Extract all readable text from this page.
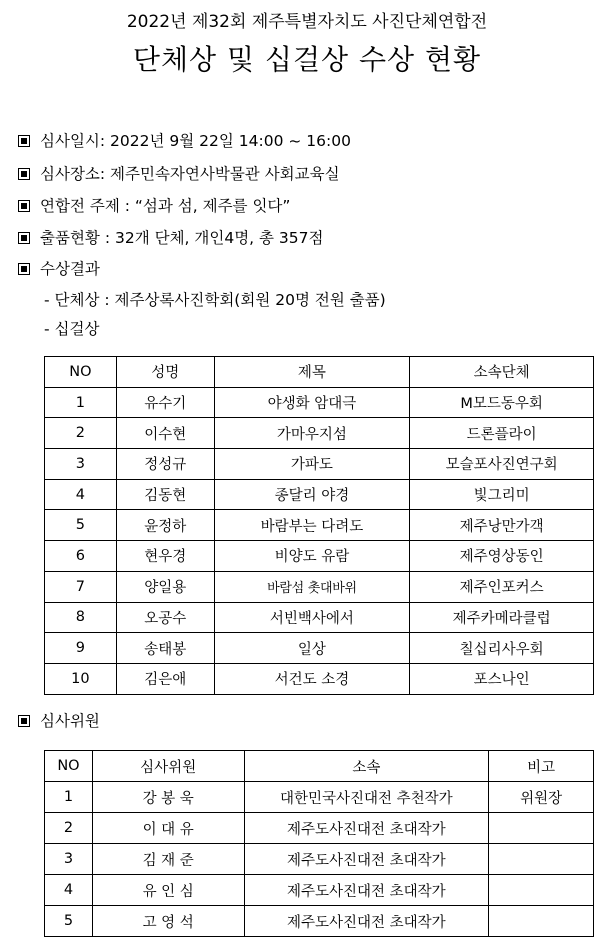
2022년 제32회 제주특별자치도 사진단체연합전
단체상 및 십걸상 수상 현황
심사일시: 2022년 9월 22일 14:00 ~ 16:00
심사장소: 제주민속자연사박물관 사회교육실
연합전 주제 : “섬과 섬, 제주를 잇다”
출품현황 : 32개 단체, 개인4명, 총 357점
수상결과
- 단체상 : 제주상록사진학회(회원 20명 전원 출품)
- 십걸상
NO	성명	제목	소속단체
1	유수기	야생화 암대극	M모드동우회
2	이수현	가마우지섬	드론플라이
3	정성규	가파도	모슬포사진연구회
4	김동현	종달리 야경	빛그리미
5	윤정하	바람부는 다려도	제주낭만가객
6	현우경	비양도 유람	제주영상동인
7	양일용	바람섬 촛대바위	제주인포커스
8	오공수	서빈백사에서	제주카메라클럽
9	송태봉	일상	칠십리사우회
10	김은애	서건도 소경	포스나인
심사위원
NO	심사위원	소속	비고
1	강 봉 욱	대한민국사진대전 추천작가	위원장
2	이 대 유	제주도사진대전 초대작가	
3	김 재 준	제주도사진대전 초대작가	
4	유 인 심	제주도사진대전 초대작가	
5	고 영 석	제주도사진대전 초대작가	
